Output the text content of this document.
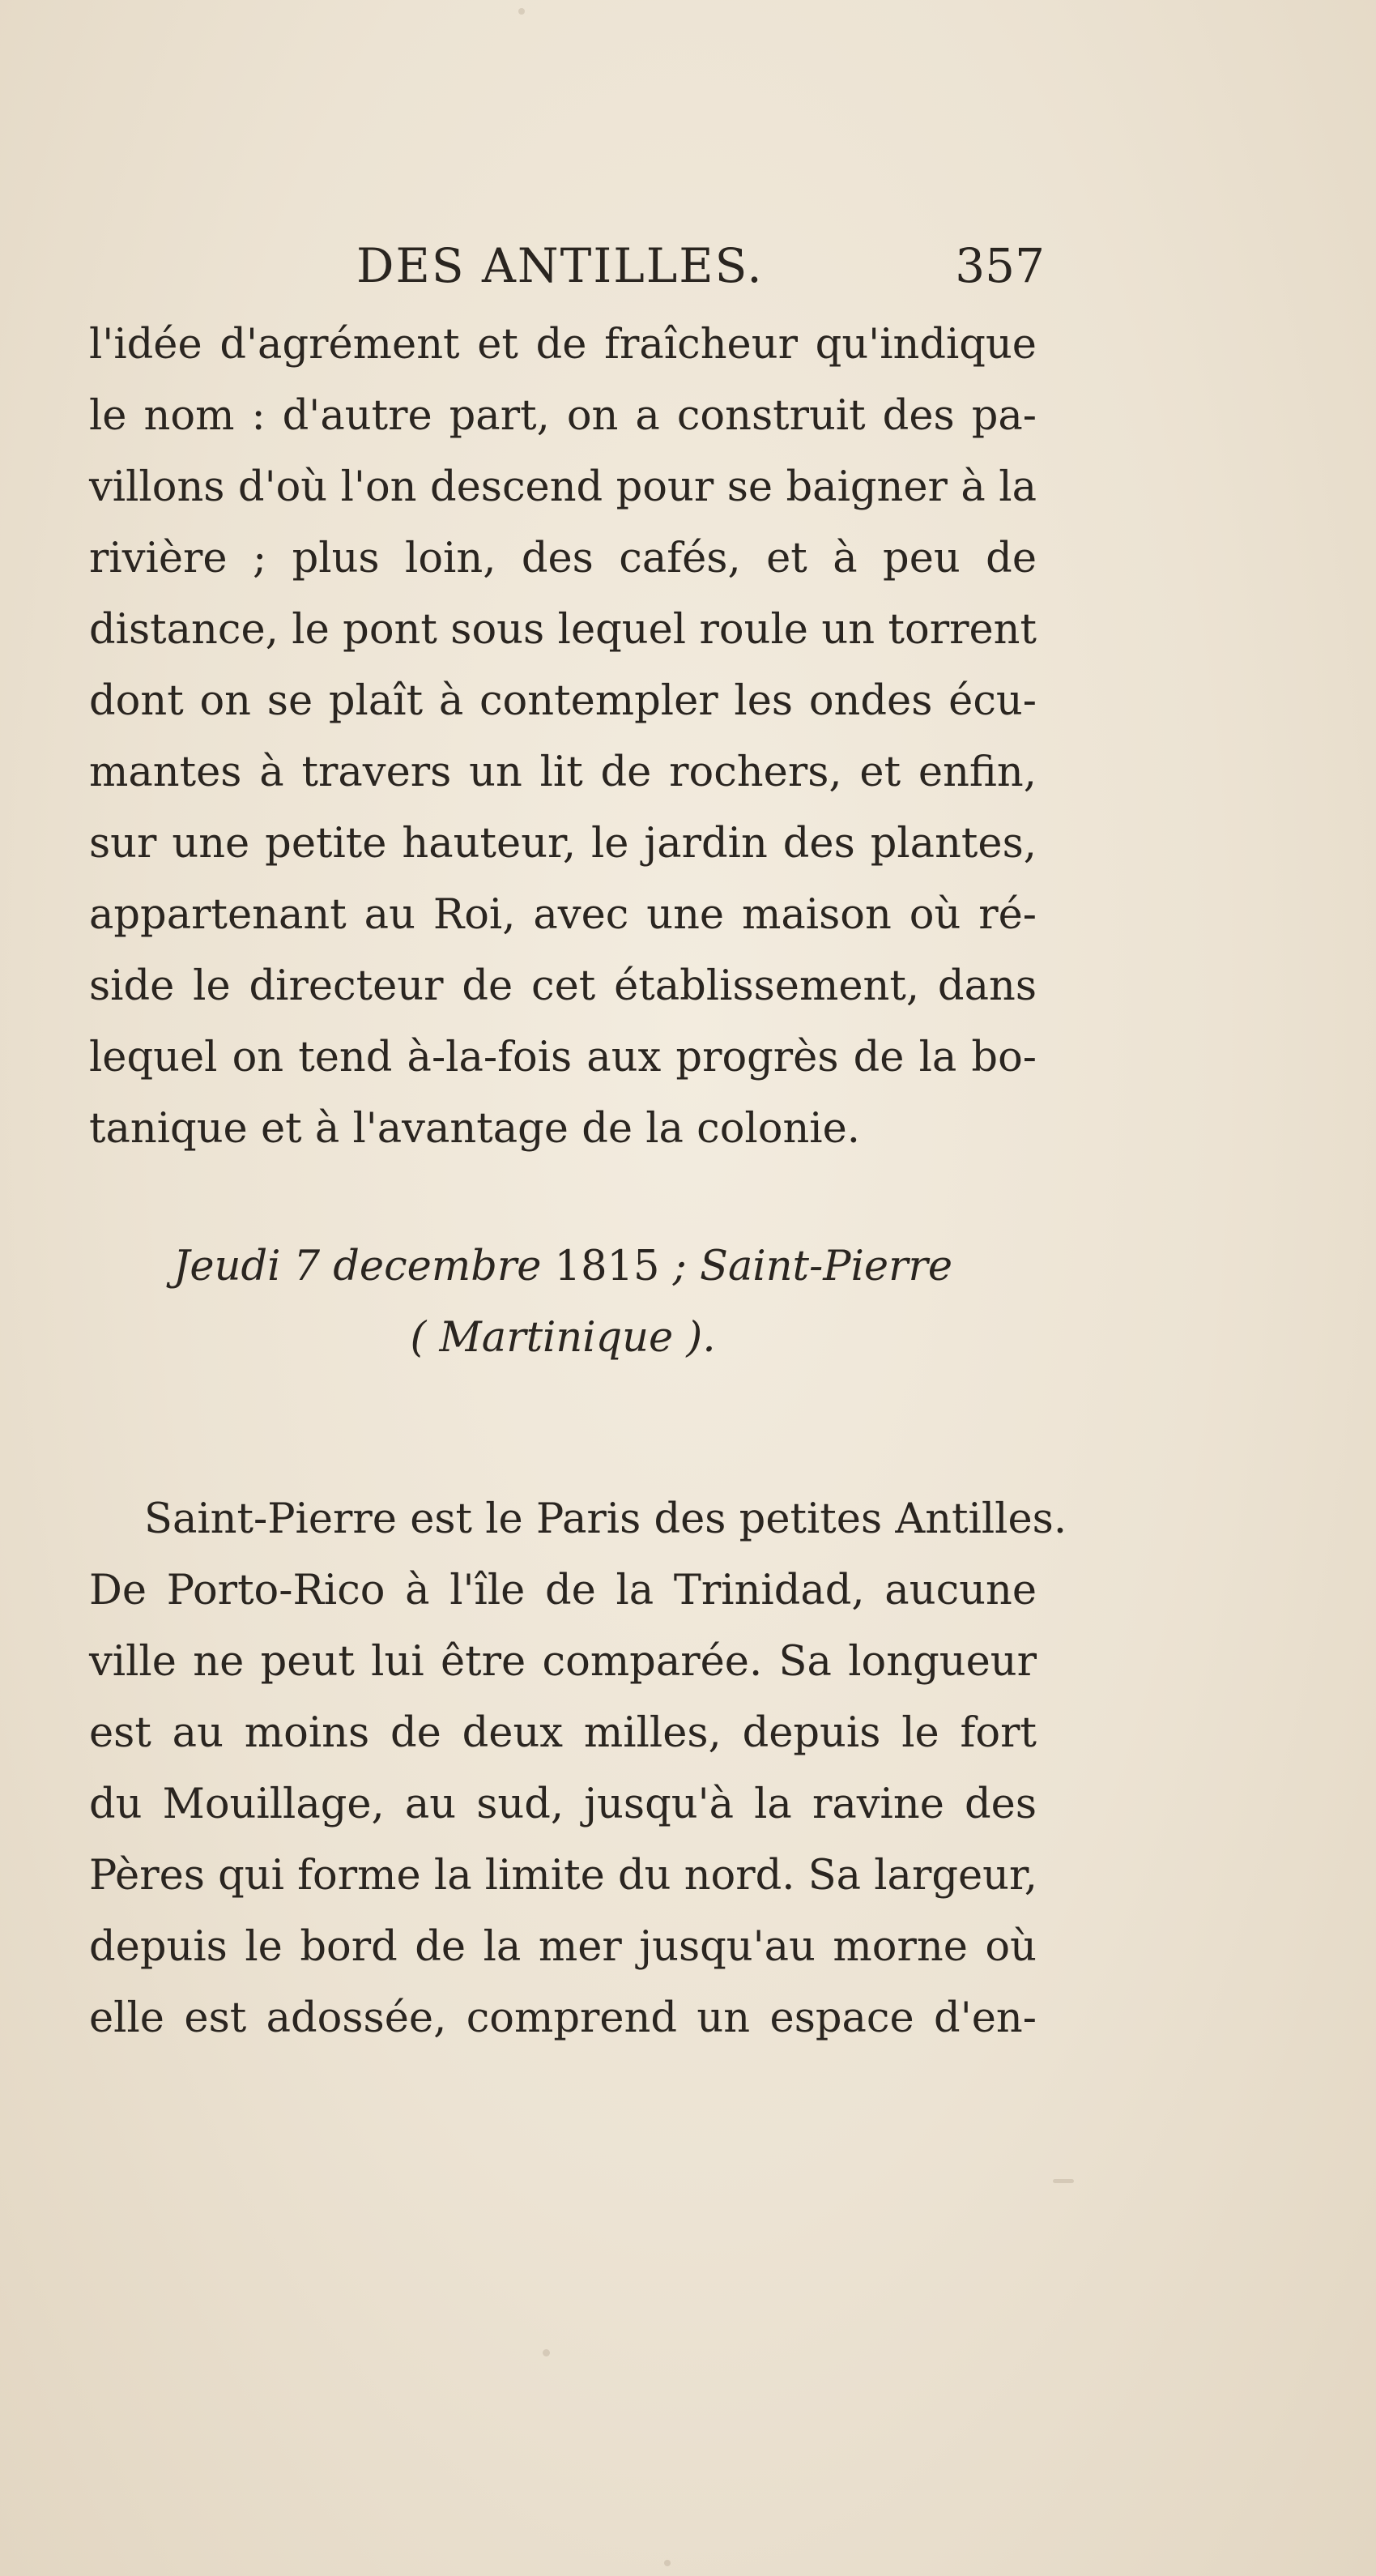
DES ANTILLES.	357
l'idée d'agrément et de fraîcheur qu'indique
le nom : d'autre part, on a construit des pa-
villons d'où l'on descend pour se baigner à la
rivière ; plus loin, des cafés, et à peu de
distance, le pont sous lequel roule un torrent
dont on se plaît à contempler les ondes écu-
mantes à travers un lit de rochers, et enfin,
sur une petite hauteur, le jardin des plantes,
appartenant au Roi, avec une maison où ré-
side le directeur de cet établissement, dans
lequel on tend à-la-fois aux progrès de la bo-
tanique et à l'avantage de la colonie.
Jeudi 7 decembre 1815 ; Saint-Pierre
( Martinique ).
Saint-Pierre est le Paris des petites Antilles.
De Porto-Rico à l'île de la Trinidad, aucune
ville ne peut lui être comparée. Sa longueur
est au moins de deux milles, depuis le fort
du Mouillage, au sud, jusqu'à la ravine des
Pères qui forme la limite du nord. Sa largeur,
depuis le bord de la mer jusqu'au morne où
elle est adossée, comprend un espace d'en-
